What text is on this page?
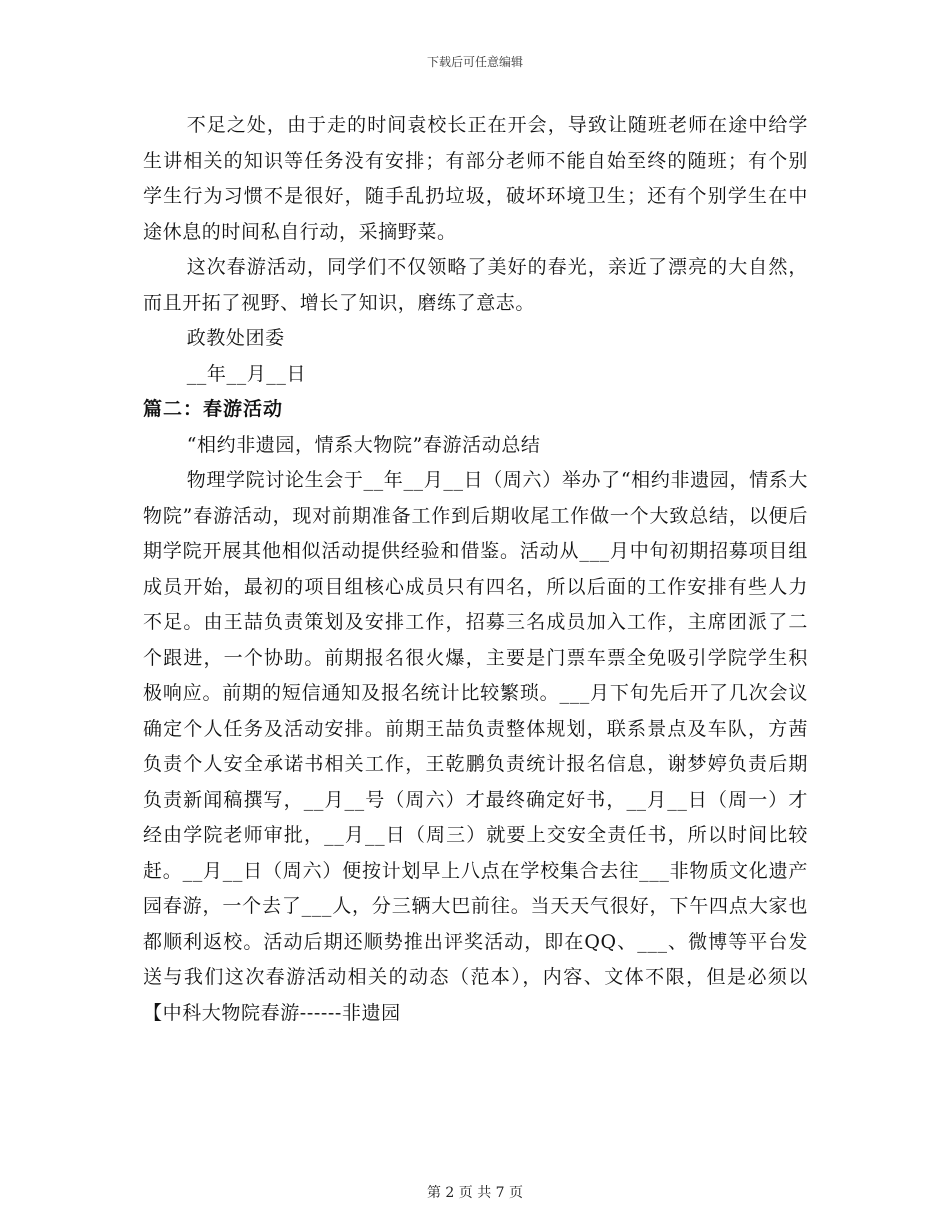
下载后可任意编辑

不足之处，由于走的时间袁校长正在开会，导致让随班老师在途中给学生讲相关的知识等任务没有安排；有部分老师不能自始至终的随班；有个别学生行为习惯不是很好，随手乱扔垃圾，破坏环境卫生；还有个别学生在中途休息的时间私自行动，采摘野菜。

这次春游活动，同学们不仅领略了美好的春光，亲近了漂亮的大自然，而且开拓了视野、增长了知识，磨练了意志。

政教处团委

__年__月__日

篇二：春游活动

“相约非遗园，情系大物院”春游活动总结

物理学院讨论生会于__年__月__日（周六）举办了“相约非遗园，情系大物院”春游活动，现对前期准备工作到后期收尾工作做一个大致总结，以便后期学院开展其他相似活动提供经验和借鉴。活动从___月中旬初期招募项目组成员开始，最初的项目组核心成员只有四名，所以后面的工作安排有些人力不足。由王喆负责策划及安排工作，招募三名成员加入工作，主席团派了二个跟进，一个协助。前期报名很火爆，主要是门票车票全免吸引学院学生积极响应。前期的短信通知及报名统计比较繁琐。___月下旬先后开了几次会议确定个人任务及活动安排。前期王喆负责整体规划，联系景点及车队，方茜负责个人安全承诺书相关工作，王乾鹏负责统计报名信息，谢梦婷负责后期负责新闻稿撰写，__月__号（周六）才最终确定好书，__月__日（周一）才经由学院老师审批，__月__日（周三）就要上交安全责任书，所以时间比较赶。__月__日（周六）便按计划早上八点在学校集合去往___非物质文化遗产园春游，一个去了___人，分三辆大巴前往。当天天气很好，下午四点大家也都顺利返校。活动后期还顺势推出评奖活动，即在QQ、___、微博等平台发送与我们这次春游活动相关的动态（范本），内容、文体不限，但是必须以【中科大物院春游------非遗园

第 2 页 共 7 页
